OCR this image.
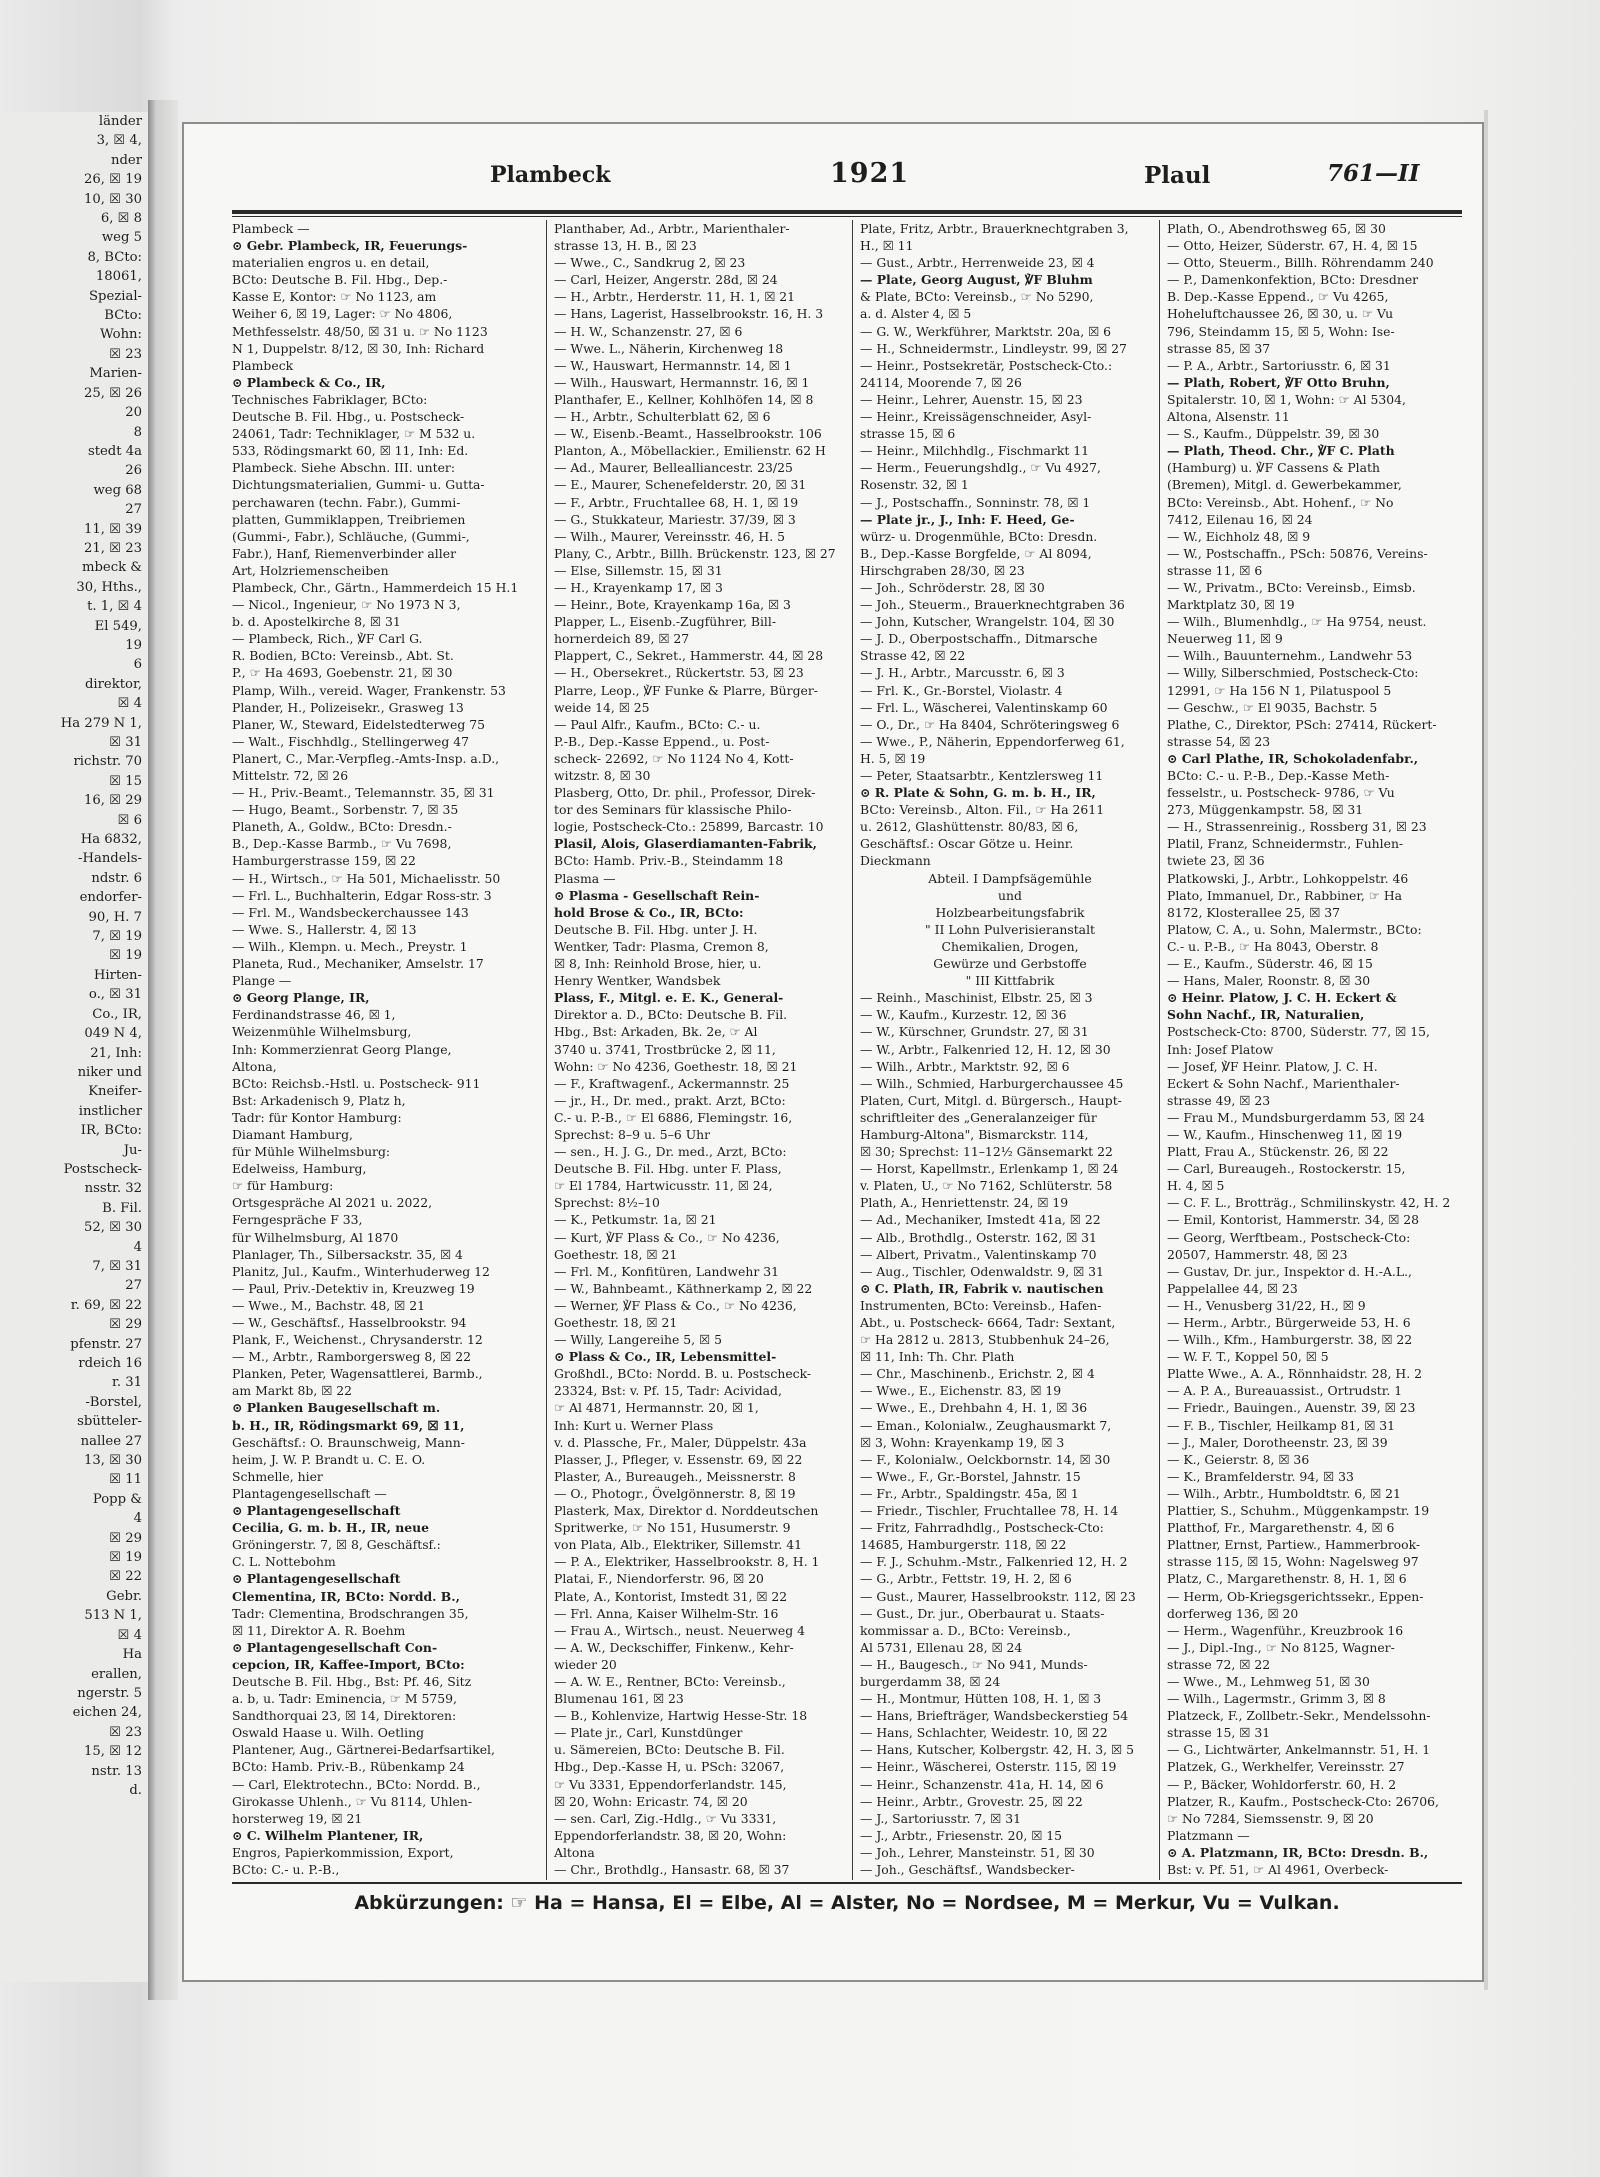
länder
3, ☒ 4,
nder
26, ☒ 19
10, ☒ 30
6, ☒ 8
weg 5
8, BCto:
18061,
Spezial-
BCto:
Wohn:
☒ 23
Marien-
25, ☒ 26
20
8
stedt 4a
26
weg 68
27
11, ☒ 39
21, ☒ 23
mbeck &
30, Hths.,
t. 1, ☒ 4
El 549,
19
6
direktor,
☒ 4
Ha 279 N 1,
☒ 31
richstr. 70
☒ 15
16, ☒ 29
☒ 6
Ha 6832,
-Handels-
ndstr. 6
endorfer-
90, H. 7
7, ☒ 19
☒ 19
Hirten-
o., ☒ 31
Co., IR,
049 N 4,
21, Inh:
niker und
Kneifer-
instlicher
IR, BCto:
Ju-
Postscheck-
nsstr. 32
B. Fil.
52, ☒ 30
4
7, ☒ 31
27
r. 69, ☒ 22
☒ 29
pfenstr. 27
rdeich 16
r. 31
-Borstel,
sbütteler-
nallee 27
13, ☒ 30
☒ 11
Popp &
4
☒ 29
☒ 19
☒ 22
Gebr.
513 N 1,
☒ 4
Ha
erallen,
ngerstr. 5
eichen 24,
☒ 23
15, ☒ 12
nstr. 13
d.
Plambeck	1921	Plaul	761—II
Plambeck —
⊙ Gebr. Plambeck, IR, Feuerungs-
materialien engros u. en detail,
BCto: Deutsche B. Fil. Hbg., Dep.-
Kasse E, Kontor: ☞ No 1123, am
Weiher 6, ☒ 19, Lager: ☞ No 4806,
Methfesselstr. 48/50, ☒ 31 u. ☞ No 1123
N 1, Duppelstr. 8/12, ☒ 30, Inh: Richard
Plambeck
⊙ Plambeck & Co., IR,
Technisches Fabriklager, BCto:
Deutsche B. Fil. Hbg., u. Postscheck-
24061, Tadr: Techniklager, ☞ M 532 u.
533, Rödingsmarkt 60, ☒ 11, Inh: Ed.
Plambeck. Siehe Abschn. III. unter:
Dichtungsmaterialien, Gummi- u. Gutta-
perchawaren (techn. Fabr.), Gummi-
platten, Gummiklappen, Treibriemen
(Gummi-, Fabr.), Schläuche, (Gummi-,
Fabr.), Hanf, Riemenverbinder aller
Art, Holzriemenscheiben
Plambeck, Chr., Gärtn., Hammerdeich 15 H.1
— Nicol., Ingenieur, ☞ No 1973 N 3,
b. d. Apostelkirche 8, ☒ 31
— Plambeck, Rich., ℣F Carl G.
R. Bodien, BCto: Vereinsb., Abt. St.
P., ☞ Ha 4693, Goebenstr. 21, ☒ 30
Plamp, Wilh., vereid. Wager, Frankenstr. 53
Plander, H., Polizeisekr., Grasweg 13
Planer, W., Steward, Eidelstedterweg 75
— Walt., Fischhdlg., Stellingerweg 47
Planert, C., Mar.-Verpfleg.-Amts-Insp. a.D.,
Mittelstr. 72, ☒ 26
— H., Priv.-Beamt., Telemannstr. 35, ☒ 31
— Hugo, Beamt., Sorbenstr. 7, ☒ 35
Planeth, A., Goldw., BCto: Dresdn.-
B., Dep.-Kasse Barmb., ☞ Vu 7698,
Hamburgerstrasse 159, ☒ 22
— H., Wirtsch., ☞ Ha 501, Michaelisstr. 50
— Frl. L., Buchhalterin, Edgar Ross-str. 3
— Frl. M., Wandsbeckerchaussee 143
— Wwe. S., Hallerstr. 4, ☒ 13
— Wilh., Klempn. u. Mech., Preystr. 1
Planeta, Rud., Mechaniker, Amselstr. 17
Plange —
⊙ Georg Plange, IR,
Ferdinandstrasse 46, ☒ 1,
Weizenmühle Wilhelmsburg,
Inh: Kommerzienrat Georg Plange,
Altona,
BCto: Reichsb.-Hstl. u. Postscheck- 911
Bst: Arkadenisch 9, Platz h,
Tadr: für Kontor Hamburg:
Diamant Hamburg,
für Mühle Wilhelmsburg:
Edelweiss, Hamburg,
☞ für Hamburg:
Ortsgespräche Al 2021 u. 2022,
Ferngespräche F 33,
für Wilhelmsburg, Al 1870
Planlager, Th., Silbersackstr. 35, ☒ 4
Planitz, Jul., Kaufm., Winterhuderweg 12
— Paul, Priv.-Detektiv in, Kreuzweg 19
— Wwe., M., Bachstr. 48, ☒ 21
— W., Geschäftsf., Hasselbrookstr. 94
Plank, F., Weichenst., Chrysanderstr. 12
— M., Arbtr., Ramborgersweg 8, ☒ 22
Planken, Peter, Wagensattlerei, Barmb.,
am Markt 8b, ☒ 22
⊙ Planken Baugesellschaft m.
b. H., IR, Rödingsmarkt 69, ☒ 11,
Geschäftsf.: O. Braunschweig, Mann-
heim, J. W. P. Brandt u. C. E. O.
Schmelle, hier
Plantagengesellschaft —
⊙ Plantagengesellschaft
Cecilia, G. m. b. H., IR, neue
Gröningerstr. 7, ☒ 8, Geschäftsf.:
C. L. Nottebohm
⊙ Plantagengesellschaft
Clementina, IR, BCto: Nordd. B.,
Tadr: Clementina, Brodschrangen 35,
☒ 11, Direktor A. R. Boehm
⊙ Plantagengesellschaft Con-
cepcion, IR, Kaffee-Import, BCto:
Deutsche B. Fil. Hbg., Bst: Pf. 46, Sitz
a. b, u. Tadr: Eminencia, ☞ M 5759,
Sandthorquai 23, ☒ 14, Direktoren:
Oswald Haase u. Wilh. Oetling
Plantener, Aug., Gärtnerei-Bedarfsartikel,
BCto: Hamb. Priv.-B., Rübenkamp 24
— Carl, Elektrotechn., BCto: Nordd. B.,
Girokasse Uhlenh., ☞ Vu 8114, Uhlen-
horsterweg 19, ☒ 21
⊙ C. Wilhelm Plantener, IR,
Engros, Papierkommission, Export,
BCto: C.- u. P.-B.,
Planthaber, Ad., Arbtr., Marienthaler-
strasse 13, H. B., ☒ 23
— Wwe., C., Sandkrug 2, ☒ 23
— Carl, Heizer, Angerstr. 28d, ☒ 24
— H., Arbtr., Herderstr. 11, H. 1, ☒ 21
— Hans, Lagerist, Hasselbrookstr. 16, H. 3
— H. W., Schanzenstr. 27, ☒ 6
— Wwe. L., Näherin, Kirchenweg 18
— W., Hauswart, Hermannstr. 14, ☒ 1
— Wilh., Hauswart, Hermannstr. 16, ☒ 1
Planthafer, E., Kellner, Kohlhöfen 14, ☒ 8
— H., Arbtr., Schulterblatt 62, ☒ 6
— W., Eisenb.-Beamt., Hasselbrookstr. 106
Planton, A., Möbellackier., Emilienstr. 62 H
— Ad., Maurer, Bellealliancestr. 23/25
— E., Maurer, Schenefelderstr. 20, ☒ 31
— F., Arbtr., Fruchtallee 68, H. 1, ☒ 19
— G., Stukkateur, Mariestr. 37/39, ☒ 3
— Wilh., Maurer, Vereinsstr. 46, H. 5
Plany, C., Arbtr., Billh. Brückenstr. 123, ☒ 27
— Else, Sillemstr. 15, ☒ 31
— H., Krayenkamp 17, ☒ 3
— Heinr., Bote, Krayenkamp 16a, ☒ 3
Plapper, L., Eisenb.-Zugführer, Bill-
hornerdeich 89, ☒ 27
Plappert, C., Sekret., Hammerstr. 44, ☒ 28
— H., Obersekret., Rückertstr. 53, ☒ 23
Plarre, Leop., ℣F Funke & Plarre, Bürger-
weide 14, ☒ 25
— Paul Alfr., Kaufm., BCto: C.- u.
P.-B., Dep.-Kasse Eppend., u. Post-
scheck- 22692, ☞ No 1124 No 4, Kott-
witzstr. 8, ☒ 30
Plasberg, Otto, Dr. phil., Professor, Direk-
tor des Seminars für klassische Philo-
logie, Postscheck-Cto.: 25899, Barcastr. 10
Plasil, Alois, Glaserdiamanten-Fabrik,
BCto: Hamb. Priv.-B., Steindamm 18
Plasma —
⊙ Plasma - Gesellschaft Rein-
hold Brose & Co., IR, BCto:
Deutsche B. Fil. Hbg. unter J. H.
Wentker, Tadr: Plasma, Cremon 8,
☒ 8, Inh: Reinhold Brose, hier, u.
Henry Wentker, Wandsbek
Plass, F., Mitgl. e. E. K., General-
Direktor a. D., BCto: Deutsche B. Fil.
Hbg., Bst: Arkaden, Bk. 2e, ☞ Al
3740 u. 3741, Trostbrücke 2, ☒ 11,
Wohn: ☞ No 4236, Goethestr. 18, ☒ 21
— F., Kraftwagenf., Ackermannstr. 25
— jr., H., Dr. med., prakt. Arzt, BCto:
C.- u. P.-B., ☞ El 6886, Flemingstr. 16,
Sprechst: 8–9 u. 5–6 Uhr
— sen., H. J. G., Dr. med., Arzt, BCto:
Deutsche B. Fil. Hbg. unter F. Plass,
☞ El 1784, Hartwicusstr. 11, ☒ 24,
Sprechst: 8½–10
— K., Petkumstr. 1a, ☒ 21
— Kurt, ℣F Plass & Co., ☞ No 4236,
Goethestr. 18, ☒ 21
— Frl. M., Konfitüren, Landwehr 31
— W., Bahnbeamt., Käthnerkamp 2, ☒ 22
— Werner, ℣F Plass & Co., ☞ No 4236,
Goethestr. 18, ☒ 21
— Willy, Langereihe 5, ☒ 5
⊙ Plass & Co., IR, Lebensmittel-
Großhdl., BCto: Nordd. B. u. Postscheck-
23324, Bst: v. Pf. 15, Tadr: Acividad,
☞ Al 4871, Hermannstr. 20, ☒ 1,
Inh: Kurt u. Werner Plass
v. d. Plassche, Fr., Maler, Düppelstr. 43a
Plasser, J., Pfleger, v. Essenstr. 69, ☒ 22
Plaster, A., Bureaugeh., Meissnerstr. 8
— O., Photogr., Övelgönnerstr. 8, ☒ 19
Plasterk, Max, Direktor d. Norddeutschen
Spritwerke, ☞ No 151, Husumerstr. 9
von Plata, Alb., Elektriker, Sillemstr. 41
— P. A., Elektriker, Hasselbrookstr. 8, H. 1
Platai, F., Niendorferstr. 96, ☒ 20
Plate, A., Kontorist, Imstedt 31, ☒ 22
— Frl. Anna, Kaiser Wilhelm-Str. 16
— Frau A., Wirtsch., neust. Neuerweg 4
— A. W., Deckschiffer, Finkenw., Kehr-
wieder 20
— A. W. E., Rentner, BCto: Vereinsb.,
Blumenau 161, ☒ 23
— B., Kohlenvize, Hartwig Hesse-Str. 18
— Plate jr., Carl, Kunstdünger
u. Sämereien, BCto: Deutsche B. Fil.
Hbg., Dep.-Kasse H, u. PSch: 32067,
☞ Vu 3331, Eppendorferlandstr. 145,
☒ 20, Wohn: Ericastr. 74, ☒ 20
— sen. Carl, Zig.-Hdlg., ☞ Vu 3331,
Eppendorferlandstr. 38, ☒ 20, Wohn:
Altona
— Chr., Brothdlg., Hansastr. 68, ☒ 37
Plate, Fritz, Arbtr., Brauerknechtgraben 3,
H., ☒ 11
— Gust., Arbtr., Herrenweide 23, ☒ 4
— Plate, Georg August, ℣F Bluhm
& Plate, BCto: Vereinsb., ☞ No 5290,
a. d. Alster 4, ☒ 5
— G. W., Werkführer, Marktstr. 20a, ☒ 6
— H., Schneidermstr., Lindleystr. 99, ☒ 27
— Heinr., Postsekretär, Postscheck-Cto.:
24114, Moorende 7, ☒ 26
— Heinr., Lehrer, Auenstr. 15, ☒ 23
— Heinr., Kreissägenschneider, Asyl-
strasse 15, ☒ 6
— Heinr., Milchhdlg., Fischmarkt 11
— Herm., Feuerungshdlg., ☞ Vu 4927,
Rosenstr. 32, ☒ 1
— J., Postschaffn., Sonninstr. 78, ☒ 1
— Plate jr., J., Inh: F. Heed, Ge-
würz- u. Drogenmühle, BCto: Dresdn.
B., Dep.-Kasse Borgfelde, ☞ Al 8094,
Hirschgraben 28/30, ☒ 23
— Joh., Schröderstr. 28, ☒ 30
— Joh., Steuerm., Brauerknechtgraben 36
— John, Kutscher, Wrangelstr. 104, ☒ 30
— J. D., Oberpostschaffn., Ditmarsche
Strasse 42, ☒ 22
— J. H., Arbtr., Marcusstr. 6, ☒ 3
— Frl. K., Gr.-Borstel, Violastr. 4
— Frl. L., Wäscherei, Valentinskamp 60
— O., Dr., ☞ Ha 8404, Schröteringsweg 6
— Wwe., P., Näherin, Eppendorferweg 61,
H. 5, ☒ 19
— Peter, Staatsarbtr., Kentzlersweg 11
⊙ R. Plate & Sohn, G. m. b. H., IR,
BCto: Vereinsb., Alton. Fil., ☞ Ha 2611
u. 2612, Glashüttenstr. 80/83, ☒ 6,
Geschäftsf.: Oscar Götze u. Heinr.
Dieckmann
Abteil. I Dampfsägemühle
und
Holzbearbeitungsfabrik
" II Lohn Pulverisieranstalt
Chemikalien, Drogen,
Gewürze und Gerbstoffe
" III Kittfabrik
— Reinh., Maschinist, Elbstr. 25, ☒ 3
— W., Kaufm., Kurzestr. 12, ☒ 36
— W., Kürschner, Grundstr. 27, ☒ 31
— W., Arbtr., Falkenried 12, H. 12, ☒ 30
— Wilh., Arbtr., Marktstr. 92, ☒ 6
— Wilh., Schmied, Harburgerchaussee 45
Platen, Curt, Mitgl. d. Bürgersch., Haupt-
schriftleiter des „Generalanzeiger für
Hamburg-Altona", Bismarckstr. 114,
☒ 30; Sprechst: 11–12½ Gänsemarkt 22
— Horst, Kapellmstr., Erlenkamp 1, ☒ 24
v. Platen, U., ☞ No 7162, Schlüterstr. 58
Plath, A., Henriettenstr. 24, ☒ 19
— Ad., Mechaniker, Imstedt 41a, ☒ 22
— Alb., Brothdlg., Osterstr. 162, ☒ 31
— Albert, Privatm., Valentinskamp 70
— Aug., Tischler, Odenwaldstr. 9, ☒ 31
⊙ C. Plath, IR, Fabrik v. nautischen
Instrumenten, BCto: Vereinsb., Hafen-
Abt., u. Postscheck- 6664, Tadr: Sextant,
☞ Ha 2812 u. 2813, Stubbenhuk 24–26,
☒ 11, Inh: Th. Chr. Plath
— Chr., Maschinenb., Erichstr. 2, ☒ 4
— Wwe., E., Eichenstr. 83, ☒ 19
— Wwe., E., Drehbahn 4, H. 1, ☒ 36
— Eman., Kolonialw., Zeughausmarkt 7,
☒ 3, Wohn: Krayenkamp 19, ☒ 3
— F., Kolonialw., Oelckbornstr. 14, ☒ 30
— Wwe., F., Gr.-Borstel, Jahnstr. 15
— Fr., Arbtr., Spaldingstr. 45a, ☒ 1
— Friedr., Tischler, Fruchtallee 78, H. 14
— Fritz, Fahrradhdlg., Postscheck-Cto:
14685, Hamburgerstr. 118, ☒ 22
— F. J., Schuhm.-Mstr., Falkenried 12, H. 2
— G., Arbtr., Fettstr. 19, H. 2, ☒ 6
— Gust., Maurer, Hasselbrookstr. 112, ☒ 23
— Gust., Dr. jur., Oberbaurat u. Staats-
kommissar a. D., BCto: Vereinsb.,
Al 5731, Ellenau 28, ☒ 24
— H., Baugesch., ☞ No 941, Munds-
burgerdamm 38, ☒ 24
— H., Montmur, Hütten 108, H. 1, ☒ 3
— Hans, Briefträger, Wandsbeckerstieg 54
— Hans, Schlachter, Weidestr. 10, ☒ 22
— Hans, Kutscher, Kolbergstr. 42, H. 3, ☒ 5
— Heinr., Wäscherei, Osterstr. 115, ☒ 19
— Heinr., Schanzenstr. 41a, H. 14, ☒ 6
— Heinr., Arbtr., Grovestr. 25, ☒ 22
— J., Sartoriusstr. 7, ☒ 31
— J., Arbtr., Friesenstr. 20, ☒ 15
— Joh., Lehrer, Mansteinstr. 51, ☒ 30
— Joh., Geschäftsf., Wandsbecker-
Plath, O., Abendrothsweg 65, ☒ 30
— Otto, Heizer, Süderstr. 67, H. 4, ☒ 15
— Otto, Steuerm., Billh. Röhrendamm 240
— P., Damenkonfektion, BCto: Dresdner
B. Dep.-Kasse Eppend., ☞ Vu 4265,
Hoheluftchaussee 26, ☒ 30, u. ☞ Vu
796, Steindamm 15, ☒ 5, Wohn: Isе-
strasse 85, ☒ 37
— P. A., Arbtr., Sartoriusstr. 6, ☒ 31
— Plath, Robert, ℣F Otto Bruhn,
Spitalerstr. 10, ☒ 1, Wohn: ☞ Al 5304,
Altona, Alsenstr. 11
— S., Kaufm., Düppelstr. 39, ☒ 30
— Plath, Theod. Chr., ℣F C. Plath
(Hamburg) u. ℣F Cassens & Plath
(Bremen), Mitgl. d. Gewerbekammer,
BCto: Vereinsb., Abt. Hohenf., ☞ No
7412, Eilenau 16, ☒ 24
— W., Eichholz 48, ☒ 9
— W., Postschaffn., PSch: 50876, Vereins-
strasse 11, ☒ 6
— W., Privatm., BCto: Vereinsb., Eimsb.
Marktplatz 30, ☒ 19
— Wilh., Blumenhdlg., ☞ Ha 9754, neust.
Neuerweg 11, ☒ 9
— Wilh., Bauunternehm., Landwehr 53
— Willy, Silberschmied, Postscheck-Cto:
12991, ☞ Ha 156 N 1, Pilatuspool 5
— Geschw., ☞ El 9035, Bachstr. 5
Plathe, C., Direktor, PSch: 27414, Rückert-
strasse 54, ☒ 23
⊙ Carl Plathe, IR, Schokoladenfabr.,
BCto: C.- u. P.-B., Dep.-Kasse Meth-
fesselstr., u. Postscheck- 9786, ☞ Vu
273, Müggenkampstr. 58, ☒ 31
— H., Strassenreinig., Rossberg 31, ☒ 23
Platil, Franz, Schneidermstr., Fuhlen-
twiete 23, ☒ 36
Platkowski, J., Arbtr., Lohkoppelstr. 46
Plato, Immanuel, Dr., Rabbiner, ☞ Ha
8172, Klosterallee 25, ☒ 37
Platow, C. A., u. Sohn, Malermstr., BCto:
C.- u. P.-B., ☞ Ha 8043, Oberstr. 8
— E., Kaufm., Süderstr. 46, ☒ 15
— Hans, Maler, Roonstr. 8, ☒ 30
⊙ Heinr. Platow, J. C. H. Eckert &
Sohn Nachf., IR, Naturalien,
Postscheck-Cto: 8700, Süderstr. 77, ☒ 15,
Inh: Josef Platow
— Josef, ℣F Heinr. Platow, J. C. H.
Eckert & Sohn Nachf., Marienthaler-
strasse 49, ☒ 23
— Frau M., Mundsburgerdamm 53, ☒ 24
— W., Kaufm., Hinschenweg 11, ☒ 19
Platt, Frau A., Stückenstr. 26, ☒ 22
— Carl, Bureaugeh., Rostockerstr. 15,
H. 4, ☒ 5
— C. F. L., Brotträg., Schmilinskystr. 42, H. 2
— Emil, Kontorist, Hammerstr. 34, ☒ 28
— Georg, Werftbeam., Postscheck-Cto:
20507, Hammerstr. 48, ☒ 23
— Gustav, Dr. jur., Inspektor d. H.-A.L.,
Pappelallee 44, ☒ 23
— H., Venusberg 31/22, H., ☒ 9
— Herm., Arbtr., Bürgerweide 53, H. 6
— Wilh., Kfm., Hamburgerstr. 38, ☒ 22
— W. F. T., Koppel 50, ☒ 5
Platte Wwe., A. A., Rönnhaidstr. 28, H. 2
— A. P. A., Bureauassist., Ortrudstr. 1
— Friedr., Bauingen., Auenstr. 39, ☒ 23
— F. B., Tischler, Heilkamp 81, ☒ 31
— J., Maler, Dorotheenstr. 23, ☒ 39
— K., Geierstr. 8, ☒ 36
— K., Bramfelderstr. 94, ☒ 33
— Wilh., Arbtr., Humboldtstr. 6, ☒ 21
Plattier, S., Schuhm., Müggenkampstr. 19
Platthof, Fr., Margarethenstr. 4, ☒ 6
Plattner, Ernst, Partiew., Hammerbrook-
strasse 115, ☒ 15, Wohn: Nagelsweg 97
Platz, C., Margarethenstr. 8, H. 1, ☒ 6
— Herm, Ob-Kriegsgerichtssekr., Eppen-
dorferweg 136, ☒ 20
— Herm., Wagenführ., Kreuzbrook 16
— J., Dipl.-Ing., ☞ No 8125, Wagner-
strasse 72, ☒ 22
— Wwe., M., Lehmweg 51, ☒ 30
— Wilh., Lagermstr., Grimm 3, ☒ 8
Platzeck, F., Zollbetr.-Sekr., Mendelssohn-
strasse 15, ☒ 31
— G., Lichtwärter, Ankelmannstr. 51, H. 1
Platzek, G., Werkhelfer, Vereinsstr. 27
— P., Bäcker, Wohldorferstr. 60, H. 2
Platzer, R., Kaufm., Postscheck-Cto: 26706,
☞ No 7284, Siemssenstr. 9, ☒ 20
Platzmann —
⊙ A. Platzmann, IR, BCto: Dresdn. B.,
Bst: v. Pf. 51, ☞ Al 4961, Overbeck-
Abkürzungen: ☞ Ha = Hansa, El = Elbe, Al = Alster, No = Nordsee, M = Merkur, Vu = Vulkan.
